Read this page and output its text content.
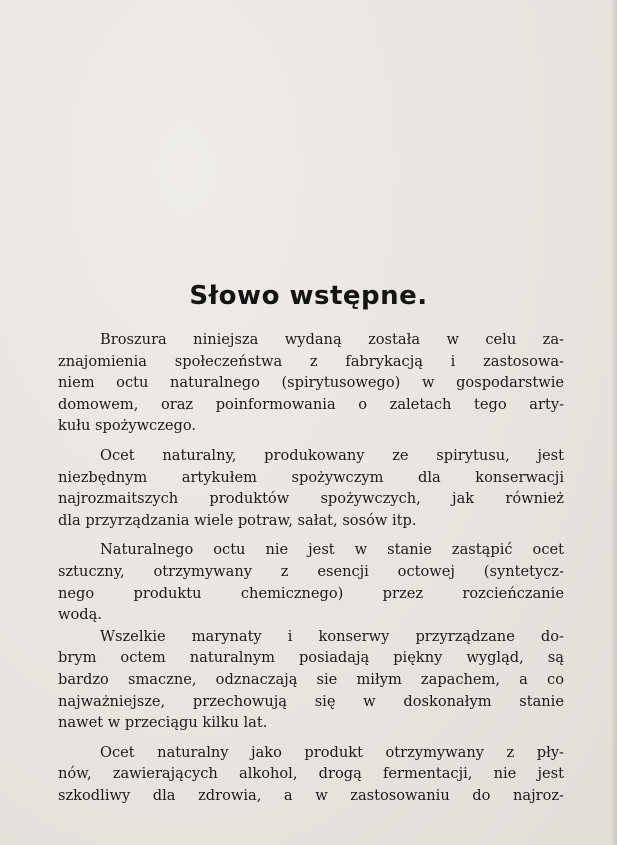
Słowo wstępne.
Broszura niniejsza wydaną została w celu za-
znajomienia społeczeństwa z fabrykacją i zastosowa-
niem octu naturalnego (spirytusowego) w gospodarstwie
domowem, oraz poinformowania o zaletach tego arty-
kułu spożywczego.
Ocet naturalny, produkowany ze spirytusu, jest
niezbędnym artykułem spożywczym dla konserwacji
najrozmaitszych produktów spożywczych, jak również
dla przyrządzania wiele potraw, sałat, sosów itp.
Naturalnego octu nie jest w stanie zastąpić ocet
sztuczny, otrzymywany z esencji octowej (syntetycz-
nego produktu chemicznego) przez rozcieńczanie
wodą.
Wszelkie marynaty i konserwy przyrządzane do-
brym octem naturalnym posiadają piękny wygląd, są
bardzo smaczne, odznaczają sie miłym zapachem, a co
najważniejsze, przechowują się w doskonałym stanie
nawet w przeciągu kilku lat.
Ocet naturalny jako produkt otrzymywany z pły-
nów, zawierających alkohol, drogą fermentacji, nie jest
szkodliwy dla zdrowia, a w zastosowaniu do najroz-
